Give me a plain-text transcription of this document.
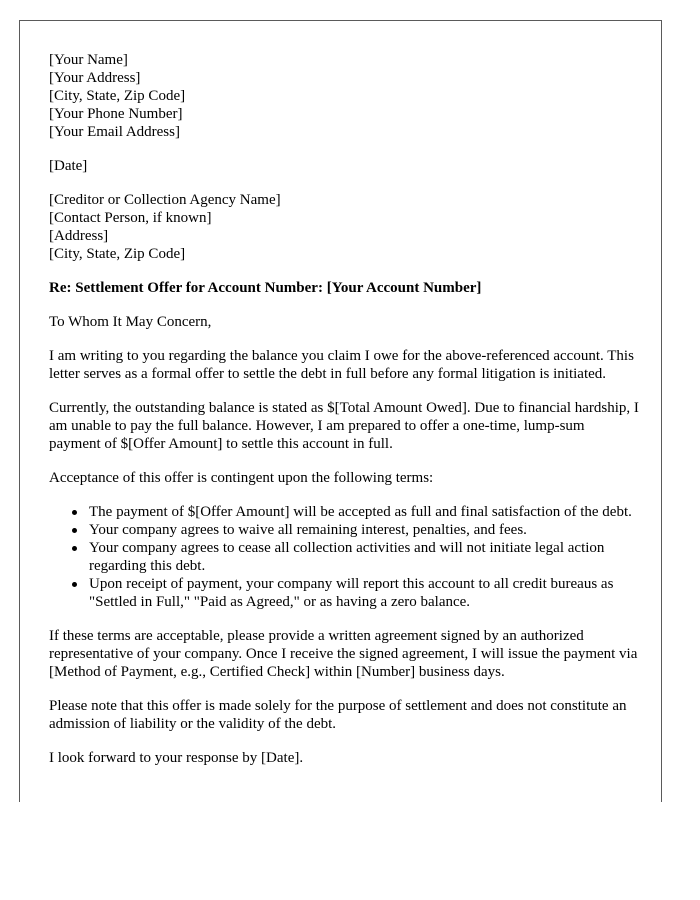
[Your Name]
[Your Address]
[City, State, Zip Code]
[Your Phone Number]
[Your Email Address]
[Date]
[Creditor or Collection Agency Name]
[Contact Person, if known]
[Address]
[City, State, Zip Code]
Re: Settlement Offer for Account Number: [Your Account Number]

To Whom It May Concern,

I am writing to you regarding the balance you claim I owe for the above-referenced account. This letter serves as a formal offer to settle the debt in full before any formal litigation is initiated.

Currently, the outstanding balance is stated as $[Total Amount Owed]. Due to financial hardship, I am unable to pay the full balance. However, I am prepared to offer a one-time, lump-sum payment of $[Offer Amount] to settle this account in full.

Acceptance of this offer is contingent upon the following terms:

The payment of $[Offer Amount] will be accepted as full and final satisfaction of the debt.
Your company agrees to waive all remaining interest, penalties, and fees.
Your company agrees to cease all collection activities and will not initiate legal action regarding this debt.
Upon receipt of payment, your company will report this account to all credit bureaus as "Settled in Full," "Paid as Agreed," or as having a zero balance.

If these terms are acceptable, please provide a written agreement signed by an authorized representative of your company. Once I receive the signed agreement, I will issue the payment via [Method of Payment, e.g., Certified Check] within [Number] business days.

Please note that this offer is made solely for the purpose of settlement and does not constitute an admission of liability or the validity of the debt.

I look forward to your response by [Date].
